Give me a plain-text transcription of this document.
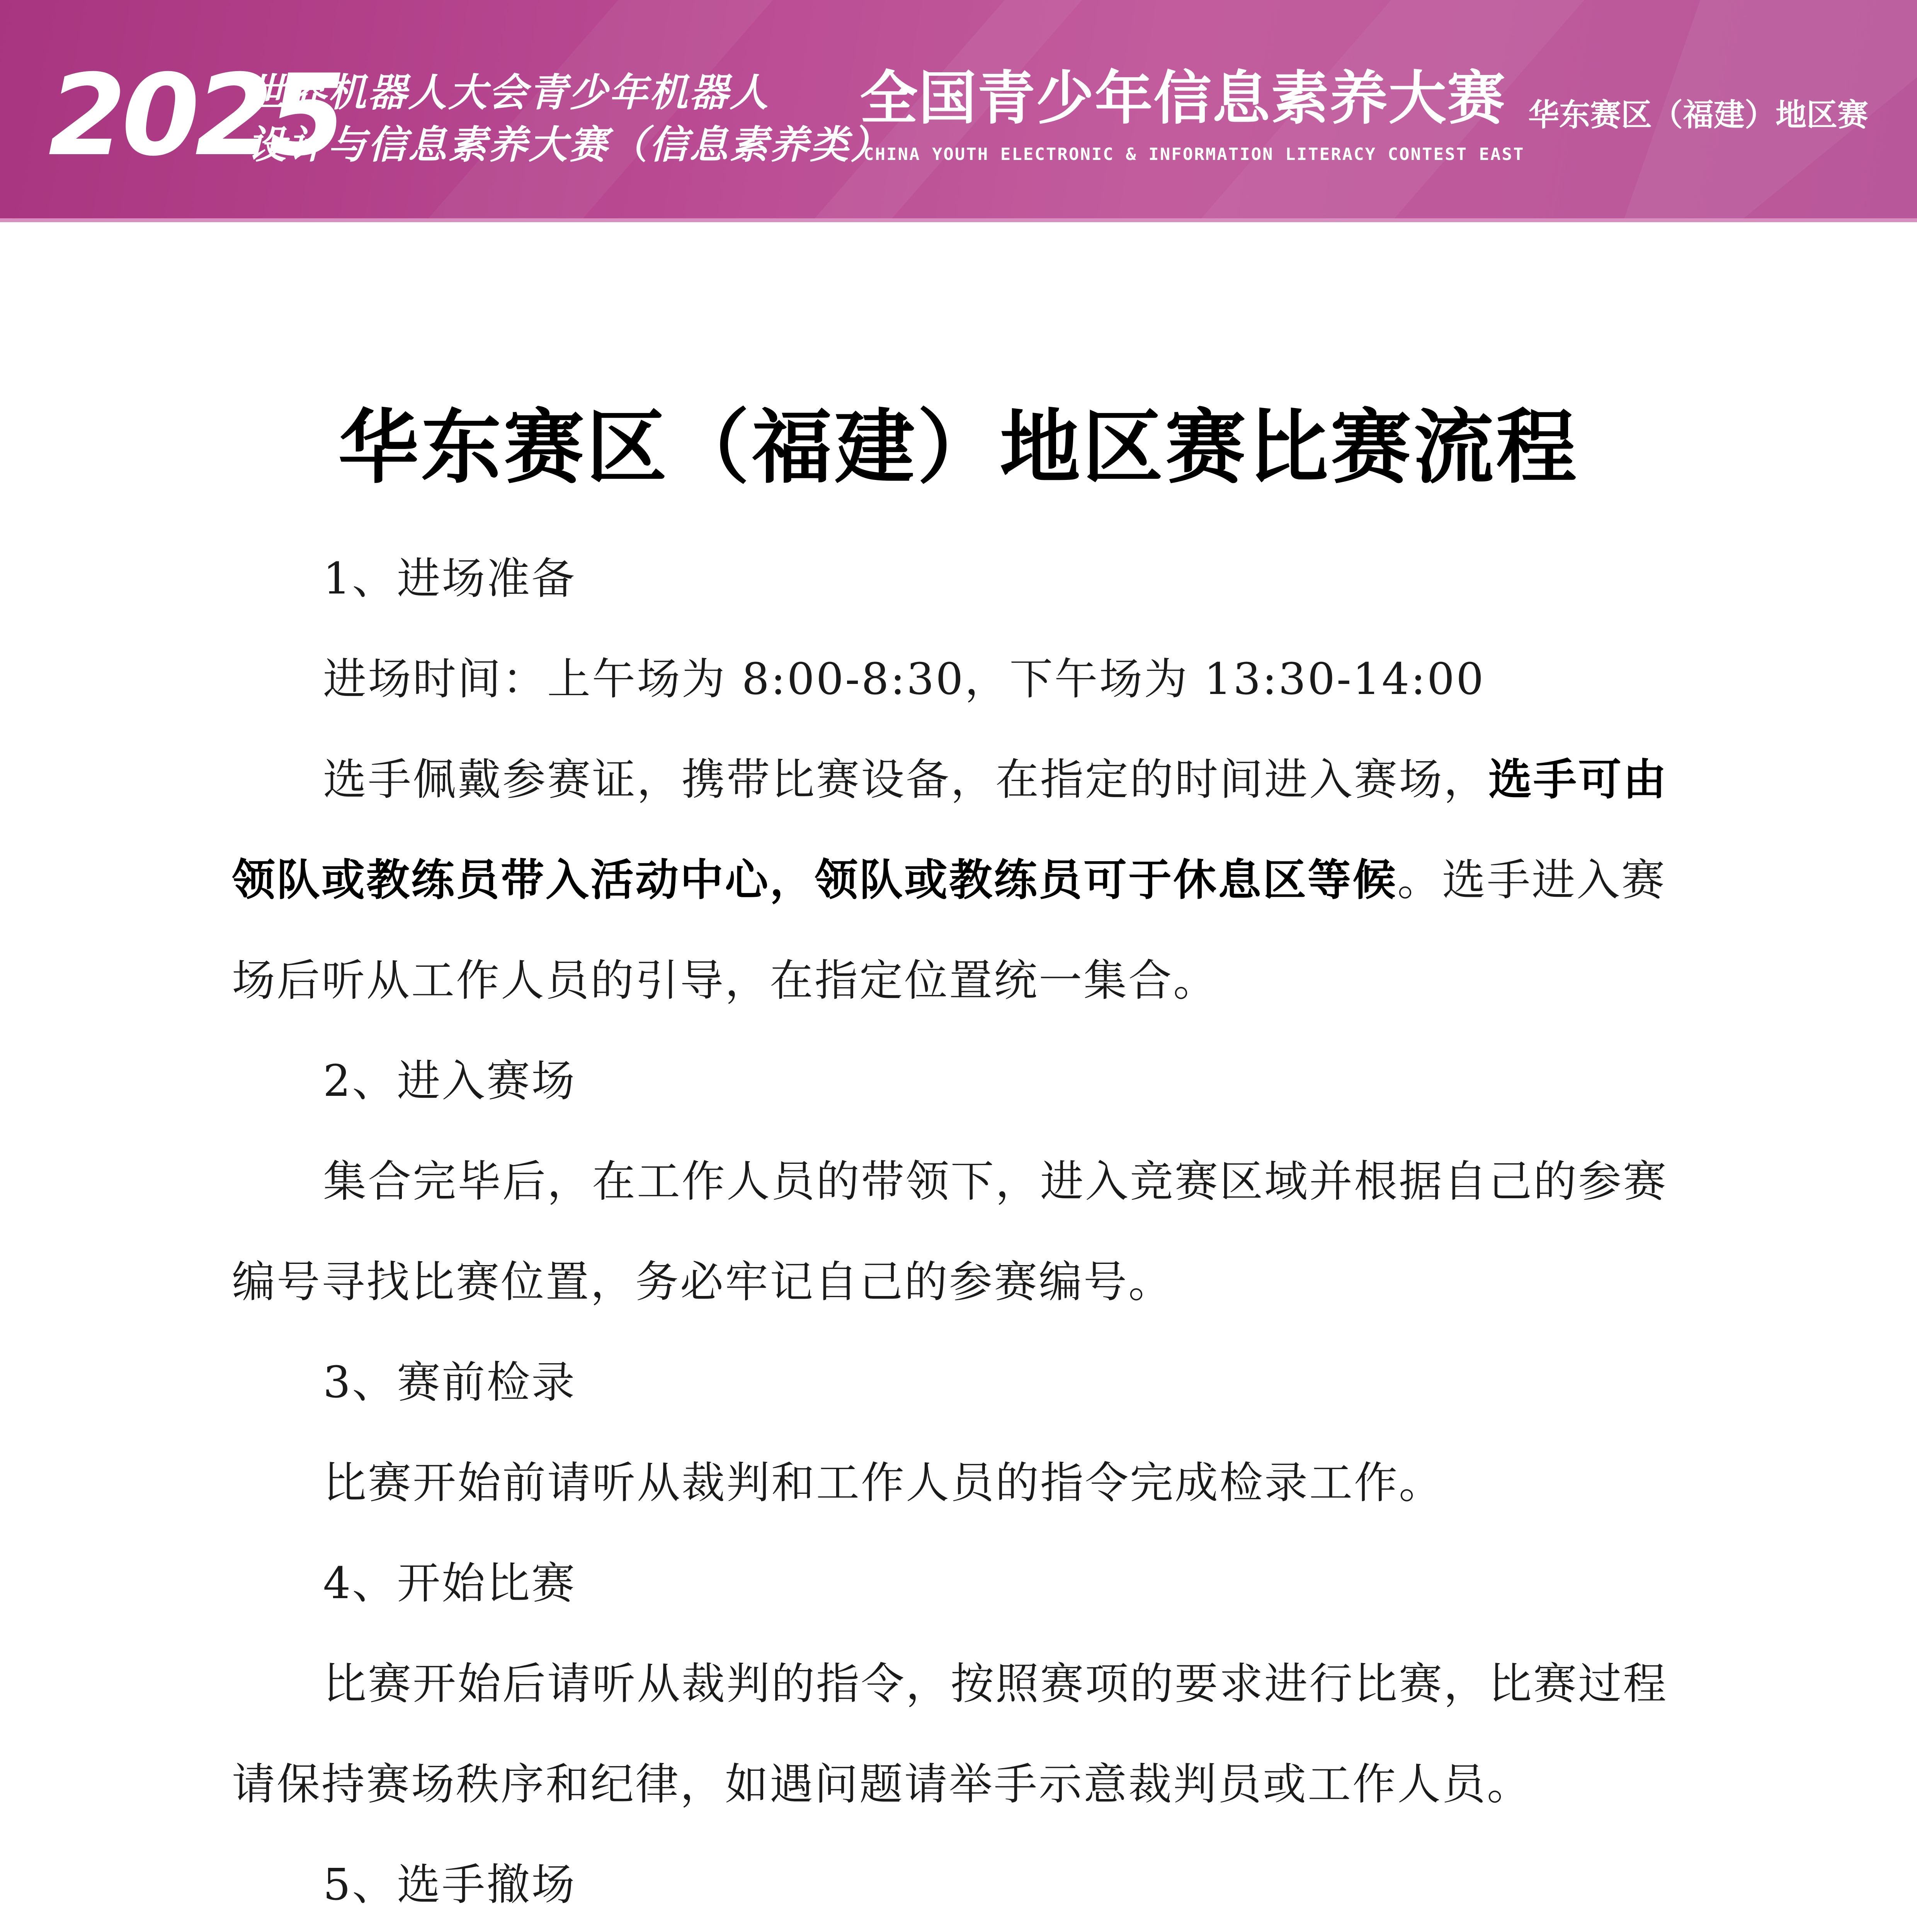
2025
世界机器人大会青少年机器人
设计与信息素养大赛（信息素养类）
全国青少年信息素养大赛
CHINA YOUTH ELECTRONIC & INFORMATION LITERACY CONTEST EAST
华东赛区（福建）地区赛
华东赛区（福建）地区赛比赛流程

1、进场准备

进场时间：上午场为 8:00-8:30，下午场为 13:30-14:00

选手佩戴参赛证，携带比赛设备，在指定的时间进入赛场，选手可由领队或教练员带入活动中心，领队或教练员可于休息区等候。选手进入赛场后听从工作人员的引导，在指定位置统一集合。

2、进入赛场

集合完毕后，在工作人员的带领下，进入竞赛区域并根据自己的参赛编号寻找比赛位置，务必牢记自己的参赛编号。

3、赛前检录

比赛开始前请听从裁判和工作人员的指令完成检录工作。

4、开始比赛

比赛开始后请听从裁判的指令，按照赛项的要求进行比赛，比赛过程请保持赛场秩序和纪律，如遇问题请举手示意裁判员或工作人员。

5、选手撤场
